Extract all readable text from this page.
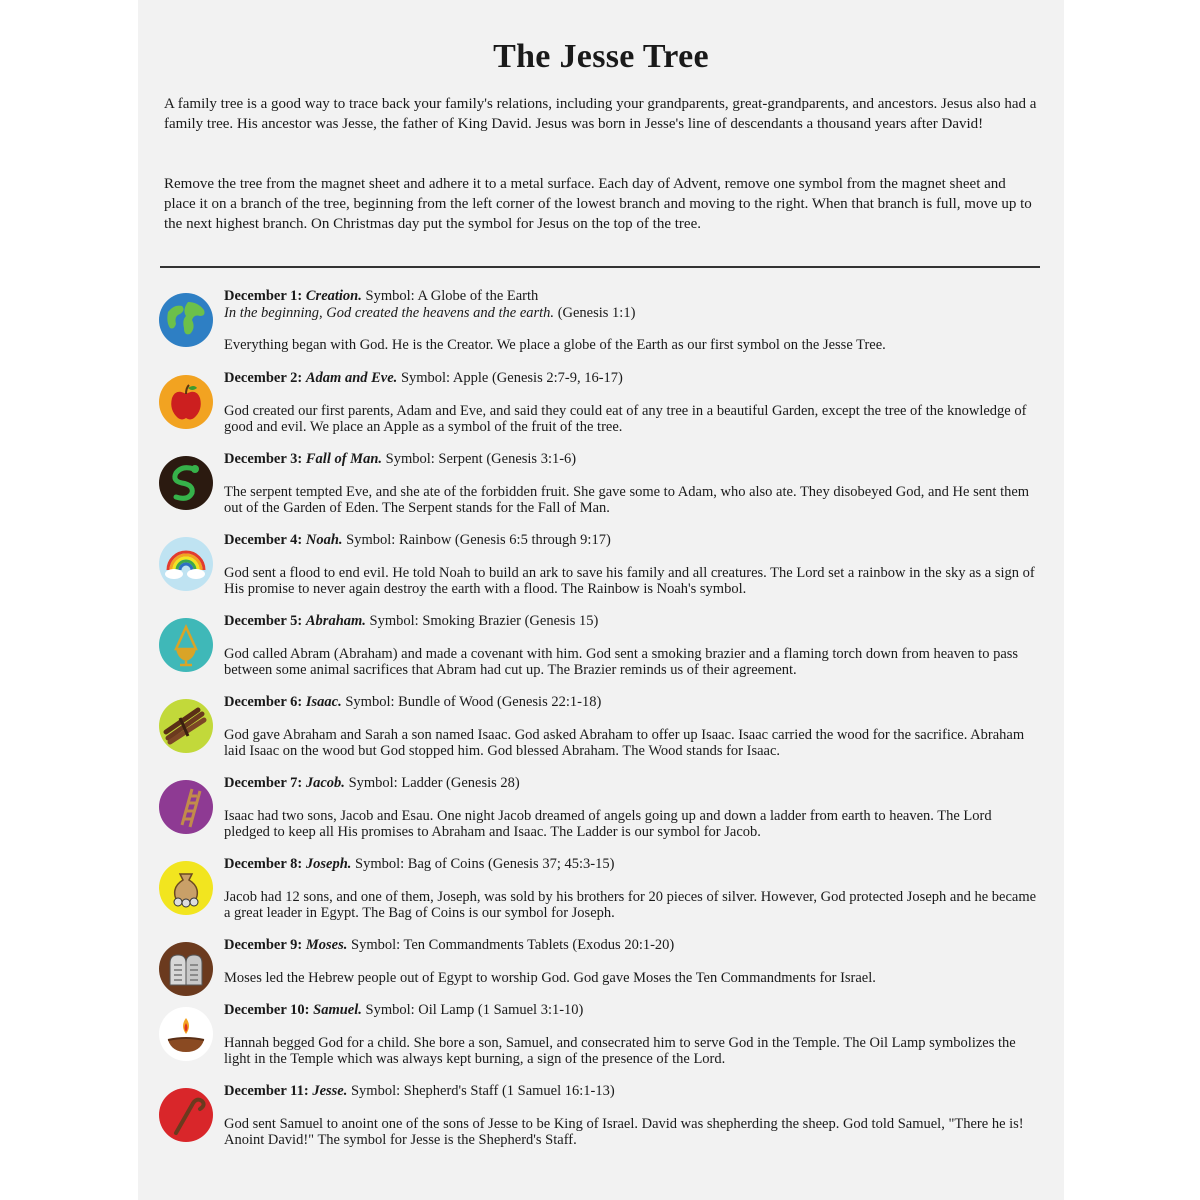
The Jesse Tree

A family tree is a good way to trace back your family's relations, including your grandparents, great-grandparents, and ancestors. Jesus also had a family tree. His ancestor was Jesse, the father of King David. Jesus was born in Jesse's line of descendants a thousand years after David!

Remove the tree from the magnet sheet and adhere it to a metal surface. Each day of Advent, remove one symbol from the magnet sheet and place it on a branch of the tree, beginning from the left corner of the lowest branch and moving to the right. When that branch is full, move up to the next highest branch. On Christmas day put the symbol for Jesus on the top of the tree.

December 1: Creation. Symbol: A Globe of the Earth

In the beginning, God created the heavens and the earth. (Genesis 1:1)

Everything began with God. He is the Creator. We place a globe of the Earth as our first symbol on the Jesse Tree.

December 2: Adam and Eve. Symbol: Apple (Genesis 2:7-9, 16-17)

God created our first parents, Adam and Eve, and said they could eat of any tree in a beautiful Garden, except the tree of the knowledge of good and evil. We place an Apple as a symbol of the fruit of the tree.

December 3: Fall of Man. Symbol: Serpent (Genesis 3:1-6)

The serpent tempted Eve, and she ate of the forbidden fruit. She gave some to Adam, who also ate. They disobeyed God, and He sent them out of the Garden of Eden. The Serpent stands for the Fall of Man.

December 4: Noah. Symbol: Rainbow (Genesis 6:5 through 9:17)

God sent a flood to end evil. He told Noah to build an ark to save his family and all creatures. The Lord set a rainbow in the sky as a sign of His promise to never again destroy the earth with a flood. The Rainbow is Noah's symbol.

December 5: Abraham. Symbol: Smoking Brazier (Genesis 15)

God called Abram (Abraham) and made a covenant with him. God sent a smoking brazier and a flaming torch down from heaven to pass between some animal sacrifices that Abram had cut up. The Brazier reminds us of their agreement.

December 6: Isaac. Symbol: Bundle of Wood (Genesis 22:1-18)

God gave Abraham and Sarah a son named Isaac. God asked Abraham to offer up Isaac. Isaac carried the wood for the sacrifice. Abraham laid Isaac on the wood but God stopped him. God blessed Abraham. The Wood stands for Isaac.

December 7: Jacob. Symbol: Ladder (Genesis 28)

Isaac had two sons, Jacob and Esau. One night Jacob dreamed of angels going up and down a ladder from earth to heaven. The Lord pledged to keep all His promises to Abraham and Isaac. The Ladder is our symbol for Jacob.

December 8: Joseph. Symbol: Bag of Coins (Genesis 37; 45:3-15)

Jacob had 12 sons, and one of them, Joseph, was sold by his brothers for 20 pieces of silver. However, God protected Joseph and he became a great leader in Egypt. The Bag of Coins is our symbol for Joseph.

December 9: Moses. Symbol: Ten Commandments Tablets (Exodus 20:1-20)

Moses led the Hebrew people out of Egypt to worship God. God gave Moses the Ten Commandments for Israel.

December 10: Samuel. Symbol: Oil Lamp (1 Samuel 3:1-10)

Hannah begged God for a child. She bore a son, Samuel, and consecrated him to serve God in the Temple. The Oil Lamp symbolizes the light in the Temple which was always kept burning, a sign of the presence of the Lord.

December 11: Jesse. Symbol: Shepherd's Staff (1 Samuel 16:1-13)

God sent Samuel to anoint one of the sons of Jesse to be King of Israel. David was shepherding the sheep. God told Samuel, "There he is! Anoint David!" The symbol for Jesse is the Shepherd's Staff.
